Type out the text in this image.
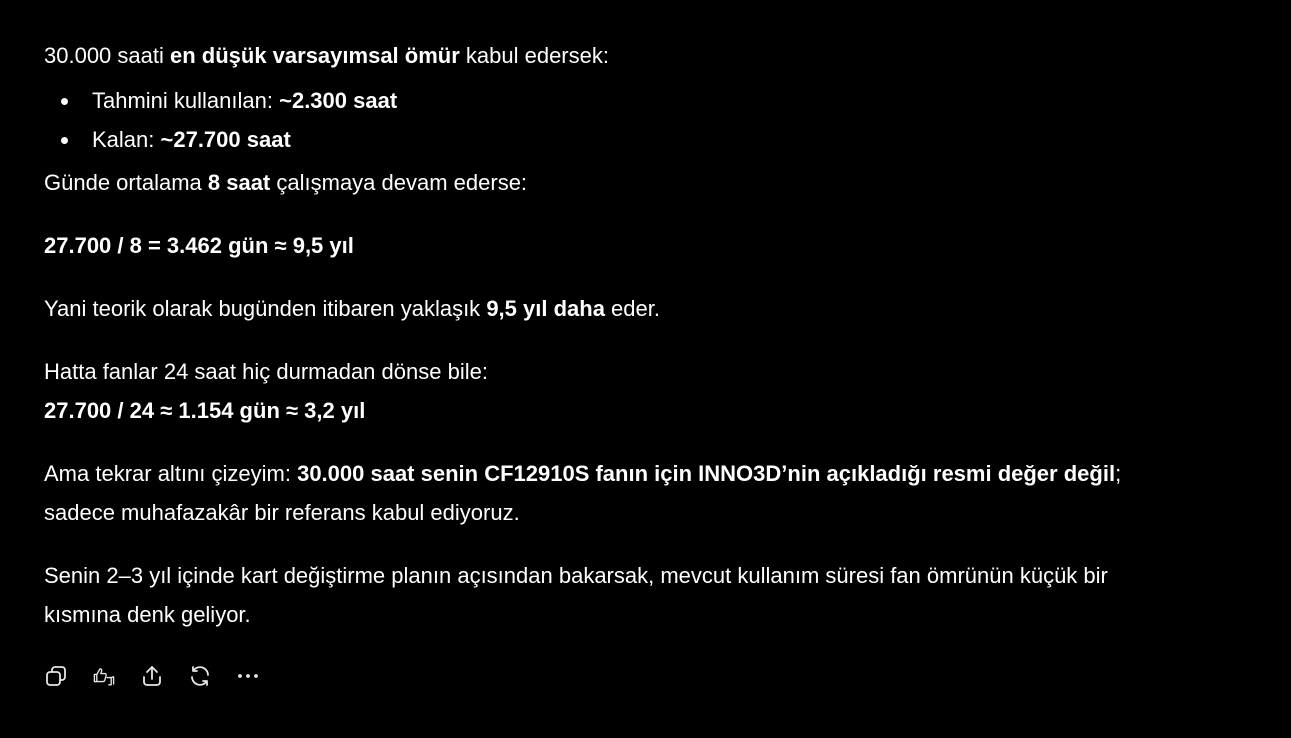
30.000 saati en düşük varsayımsal ömür kabul edersek:

Tahmini kullanılan: ~2.300 saat
Kalan: ~27.700 saat

Günde ortalama 8 saat çalışmaya devam ederse:

27.700 / 8 = 3.462 gün ≈ 9,5 yıl

Yani teorik olarak bugünden itibaren yaklaşık 9,5 yıl daha eder.

Hatta fanlar 24 saat hiç durmadan dönse bile:
27.700 / 24 ≈ 1.154 gün ≈ 3,2 yıl

Ama tekrar altını çizeyim: 30.000 saat senin CF12910S fanın için INNO3D’nin açıkladığı resmi değer değil;
sadece muhafazakâr bir referans kabul ediyoruz.

Senin 2–3 yıl içinde kart değiştirme planın açısından bakarsak, mevcut kullanım süresi fan ömrünün küçük bir
kısmına denk geliyor.
